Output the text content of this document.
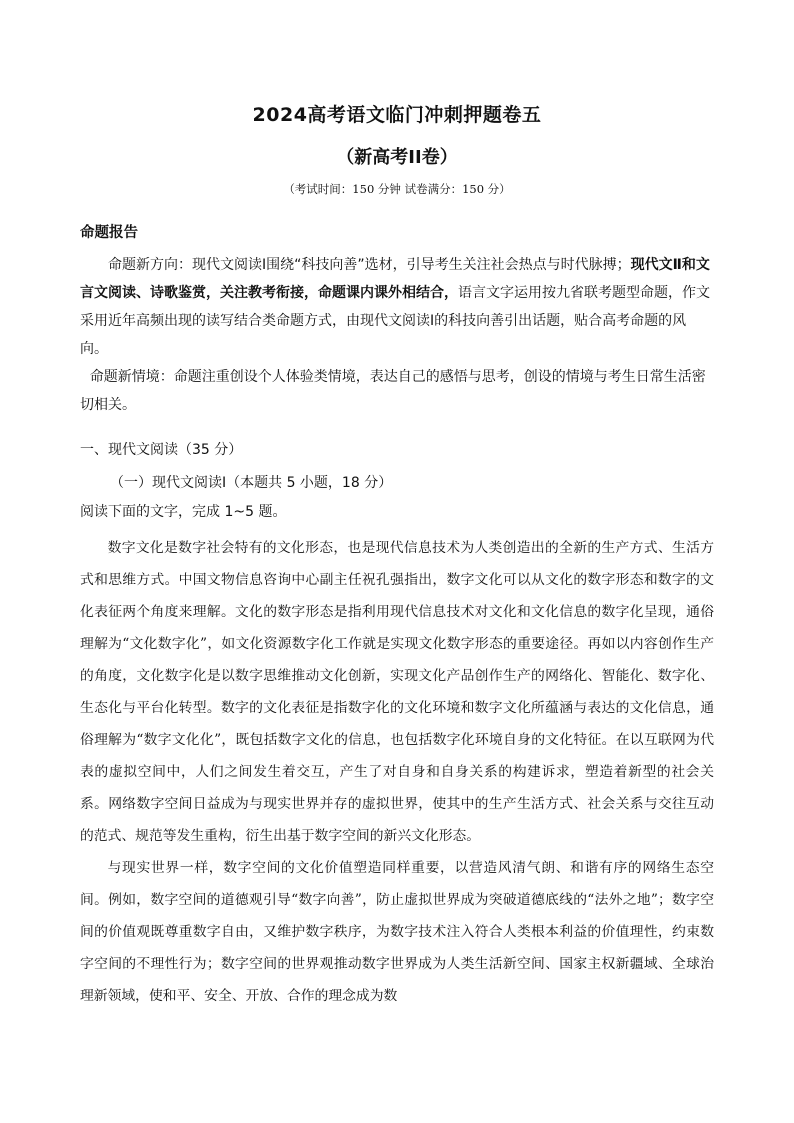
2024高考语文临门冲刺押题卷五
（新高考II卷）
（考试时间：150 分钟 试卷满分：150 分）
命题报告

命题新方向：现代文阅读Ⅰ围绕“科技向善”选材，引导考生关注社会热点与时代脉搏；现代文Ⅱ和文言文阅读、诗歌鉴赏，关注教考衔接，命题课内课外相结合，语言文字运用按九省联考题型命题，作文采用近年高频出现的读写结合类命题方式，由现代文阅读Ⅰ的科技向善引出话题，贴合高考命题的风向。

命题新情境：命题注重创设个人体验类情境，表达自己的感悟与思考，创设的情境与考生日常生活密切相关。

一、现代文阅读（35 分）
（一）现代文阅读Ⅰ（本题共 5 小题，18 分）
阅读下面的文字，完成 1~5 题。

数字文化是数字社会特有的文化形态，也是现代信息技术为人类创造出的全新的生产方式、生活方式和思维方式。中国文物信息咨询中心副主任祝孔强指出，数字文化可以从文化的数字形态和数字的文化表征两个角度来理解。文化的数字形态是指利用现代信息技术对文化和文化信息的数字化呈现，通俗理解为“文化数字化”，如文化资源数字化工作就是实现文化数字形态的重要途径。再如以内容创作生产的角度，文化数字化是以数字思维推动文化创新，实现文化产品创作生产的网络化、智能化、数字化、生态化与平台化转型。数字的文化表征是指数字化的文化环境和数字文化所蕴涵与表达的文化信息，通俗理解为“数字文化化”，既包括数字文化的信息，也包括数字化环境自身的文化特征。在以互联网为代表的虚拟空间中，人们之间发生着交互，产生了对自身和自身关系的构建诉求，塑造着新型的社会关系。网络数字空间日益成为与现实世界并存的虚拟世界，使其中的生产生活方式、社会关系与交往互动的范式、规范等发生重构，衍生出基于数字空间的新兴文化形态。

与现实世界一样，数字空间的文化价值塑造同样重要，以营造风清气朗、和谐有序的网络生态空间。例如，数字空间的道德观引导“数字向善”，防止虚拟世界成为突破道德底线的“法外之地”；数字空间的价值观既尊重数字自由，又维护数字秩序，为数字技术注入符合人类根本利益的价值理性，约束数字空间的不理性行为；数字空间的世界观推动数字世界成为人类生活新空间、国家主权新疆域、全球治理新领域，使和平、安全、开放、合作的理念成为数
